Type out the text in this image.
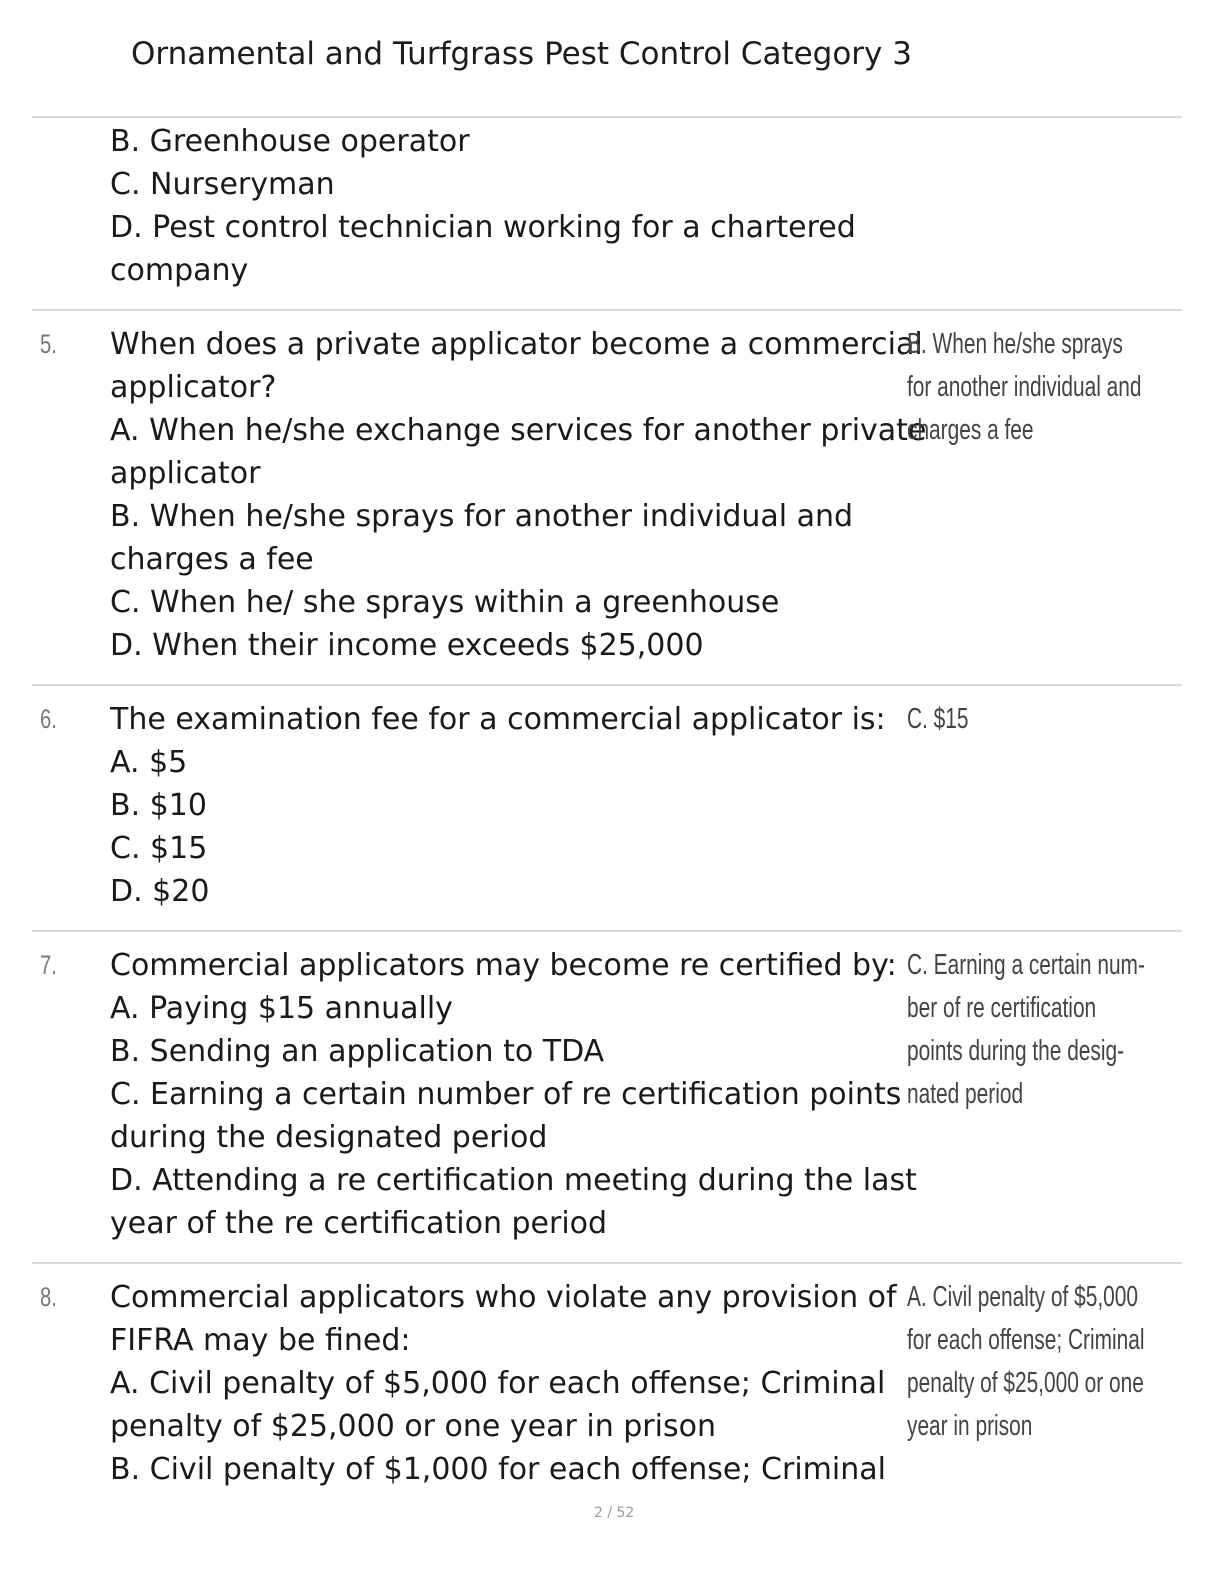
Ornamental and Turfgrass Pest Control Category 3
B. Greenhouse operator
C. Nurseryman
D. Pest control technician working for a chartered
company
5. When does a private applicator become a commercial
applicator?
A. When he/she exchange services for another private
applicator
B. When he/she sprays for another individual and
charges a fee
C. When he/ she sprays within a greenhouse
D. When their income exceeds $25,000
B. When he/she sprays
for another individual and
charges a fee
6. The examination fee for a commercial applicator is:
A. $5
B. $10
C. $15
D. $20
C. $15
7. Commercial applicators may become re certified by:
A. Paying $15 annually
B. Sending an application to TDA
C. Earning a certain number of re certification points
during the designated period
D. Attending a re certification meeting during the last
year of the re certification period
C. Earning a certain num-
ber of re certification
points during the desig-
nated period
8. Commercial applicators who violate any provision of
FIFRA may be fined:
A. Civil penalty of $5,000 for each offense; Criminal
penalty of $25,000 or one year in prison
B. Civil penalty of $1,000 for each offense; Criminal
A. Civil penalty of $5,000
for each offense; Criminal
penalty of $25,000 or one
year in prison
2 / 52
